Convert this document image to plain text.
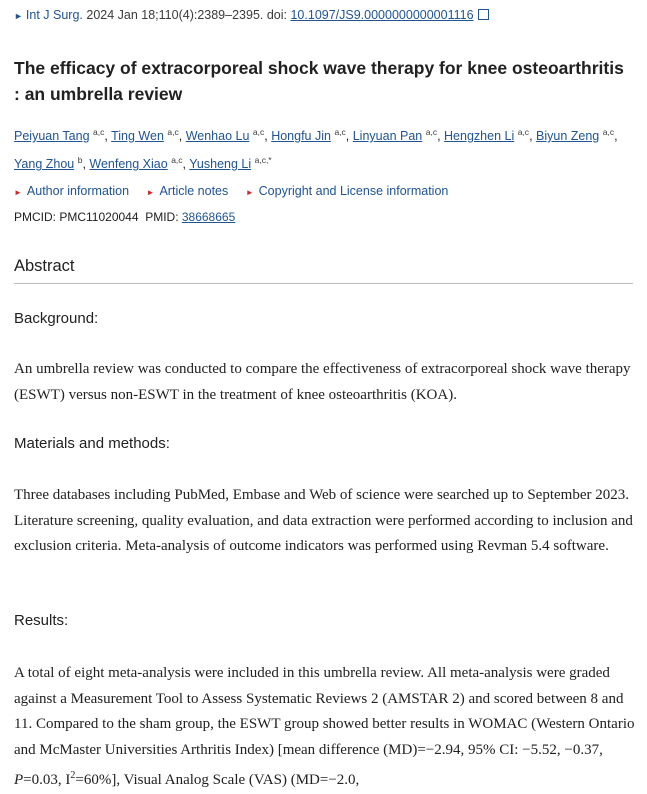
► Int J Surg. 2024 Jan 18;110(4):2389–2395. doi: 10.1097/JS9.0000000000001116
The efficacy of extracorporeal shock wave therapy for knee osteoarthritis : an umbrella review
Peiyuan Tang $^{a,c}$, Ting Wen $^{a,c}$, Wenhao Lu $^{a,c}$, Hongfu Jin $^{a,c}$, Linyuan Pan $^{a,c}$, Hengzhen Li $^{a,c}$, Biyun Zeng $^{a,c}$, Yang Zhou $^b$, Wenfeng Xiao $^{a,c}$, Yusheng Li $^{a,c,*}$
► Author information ► Article notes ► Copyright and License information
PMCID: PMC11020044 PMID: 38668665
Abstract
Background:
An umbrella review was conducted to compare the effectiveness of extracorporeal shock wave therapy (ESWT) versus non-ESWT in the treatment of knee osteoarthritis (KOA).
Materials and methods:
Three databases including PubMed, Embase and Web of science were searched up to September 2023. Literature screening, quality evaluation, and data extraction were performed according to inclusion and exclusion criteria. Meta-analysis of outcome indicators was performed using Revman 5.4 software.
Results:
A total of eight meta-analysis were included in this umbrella review. All meta-analysis were graded against a Measurement Tool to Assess Systematic Reviews 2 (AMSTAR 2) and scored between 8 and 11. Compared to the sham group, the ESWT group showed better results in WOMAC (Western Ontario and McMaster Universities Arthritis Index) [mean difference (MD)=−2.94, 95% CI: −5.52, −0.37, P=0.03, $I^2=60\%$], Visual Analog Scale (VAS) (MD=−2.0,
